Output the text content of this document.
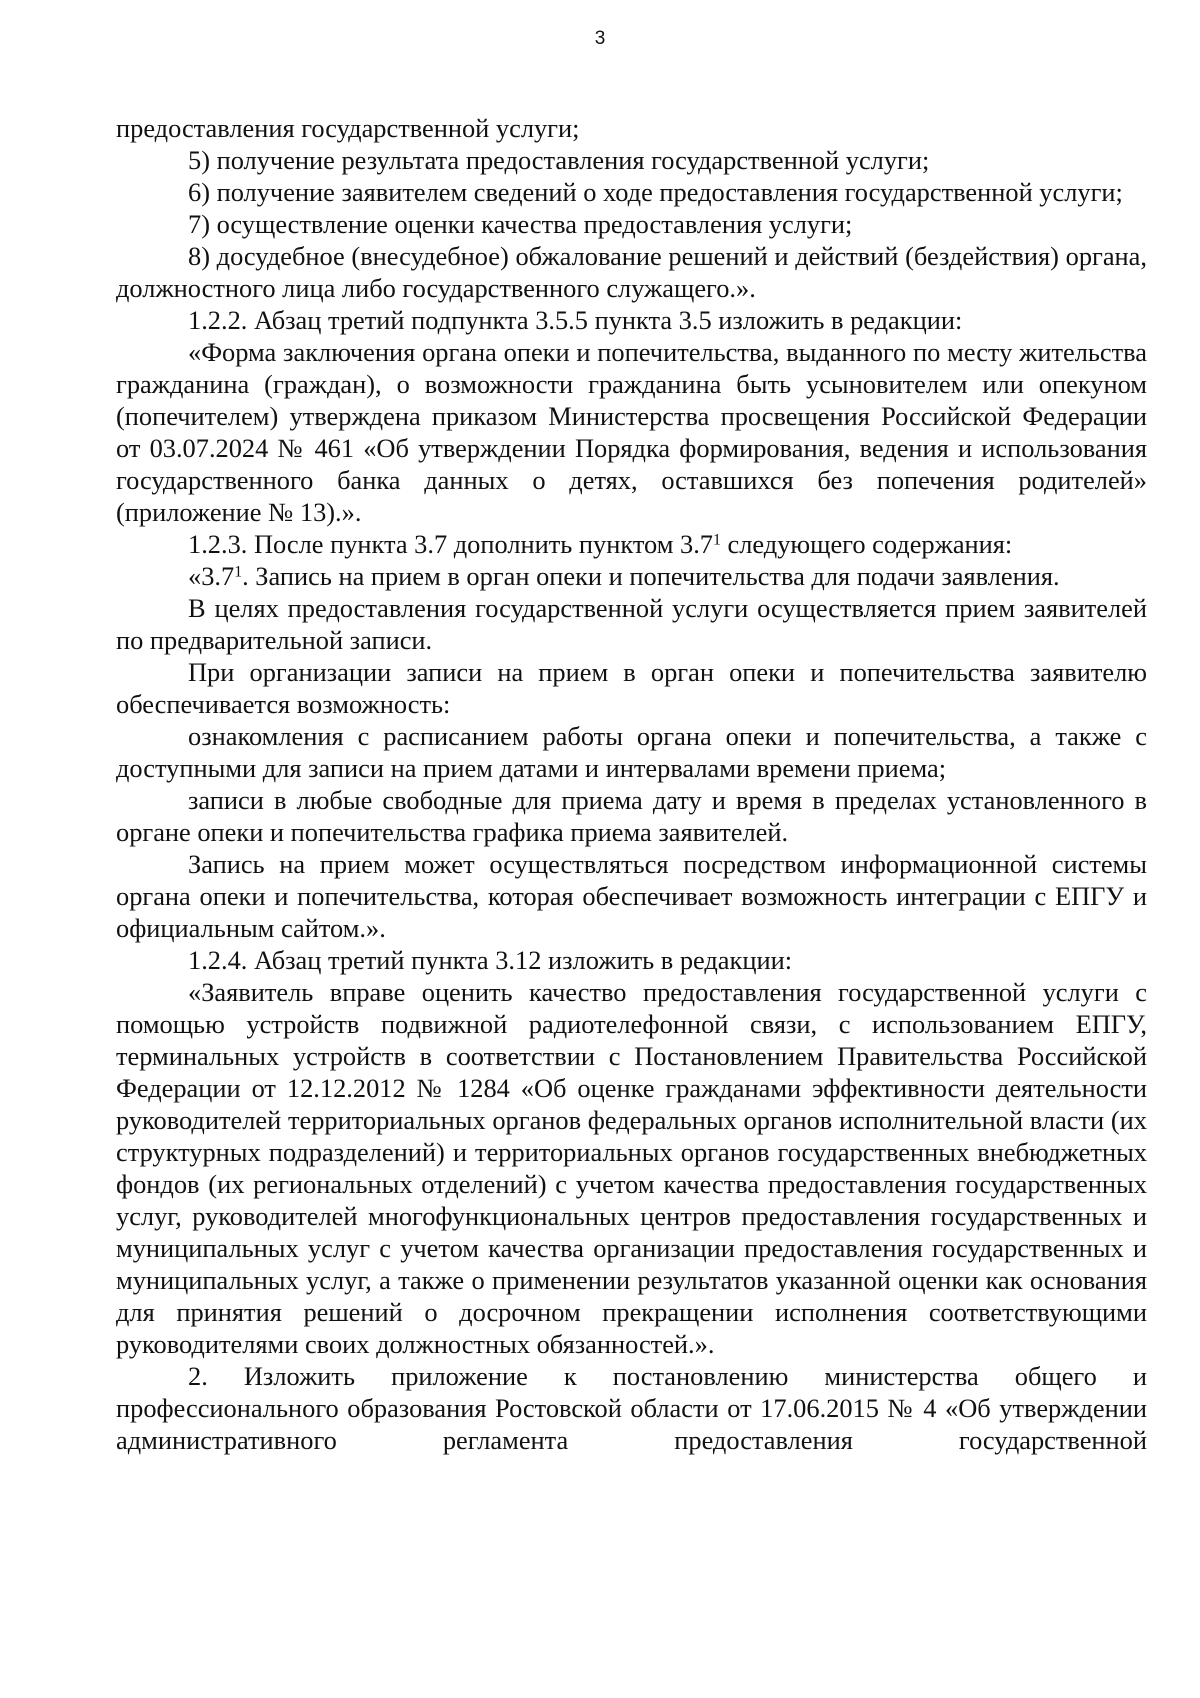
3

предоставления государственной услуги;

5) получение результата предоставления государственной услуги;

6) получение заявителем сведений о ходе предоставления государственной услуги;

7) осуществление оценки качества предоставления услуги;

8) досудебное (внесудебное) обжалование решений и действий (бездействия) органа, должностного лица либо государственного служащего.».

1.2.2. Абзац третий подпункта 3.5.5 пункта 3.5 изложить в редакции:

«Форма заключения органа опеки и попечительства, выданного по месту жительства гражданина (граждан), о возможности гражданина быть усыновителем или опекуном (попечителем) утверждена приказом Министерства просвещения Российской Федерации от 03.07.2024 № 461 «Об утверждении Порядка формирования, ведения и использования государственного банка данных о детях, оставшихся без попечения родителей» (приложение № 13).».

1.2.3. После пункта 3.7 дополнить пунктом $3.7^1$ следующего содержания:

«$3.7^1$. Запись на прием в орган опеки и попечительства для подачи заявления.

В целях предоставления государственной услуги осуществляется прием заявителей по предварительной записи.

При организации записи на прием в орган опеки и попечительства заявителю обеспечивается возможность:

ознакомления с расписанием работы органа опеки и попечительства, а также с доступными для записи на прием датами и интервалами времени приема;

записи в любые свободные для приема дату и время в пределах установленного в органе опеки и попечительства графика приема заявителей.

Запись на прием может осуществляться посредством информационной системы органа опеки и попечительства, которая обеспечивает возможность интеграции с ЕПГУ и официальным сайтом.».

1.2.4. Абзац третий пункта 3.12 изложить в редакции:

«Заявитель вправе оценить качество предоставления государственной услуги с помощью устройств подвижной радиотелефонной связи, с использованием ЕПГУ, терминальных устройств в соответствии с Постановлением Правительства Российской Федерации от 12.12.2012 № 1284 «Об оценке гражданами эффективности деятельности руководителей территориальных органов федеральных органов исполнительной власти (их структурных подразделений) и территориальных органов государственных внебюджетных фондов (их региональных отделений) с учетом качества предоставления государственных услуг, руководителей многофункциональных центров предоставления государственных и муниципальных услуг с учетом качества организации предоставления государственных и муниципальных услуг, а также о применении результатов указанной оценки как основания для принятия решений о досрочном прекращении исполнения соответствующими руководителями своих должностных обязанностей.».

2. Изложить приложение к постановлению министерства общего и профессионального образования Ростовской области от 17.06.2015 № 4 «Об утверждении административного регламента предоставления государственной
